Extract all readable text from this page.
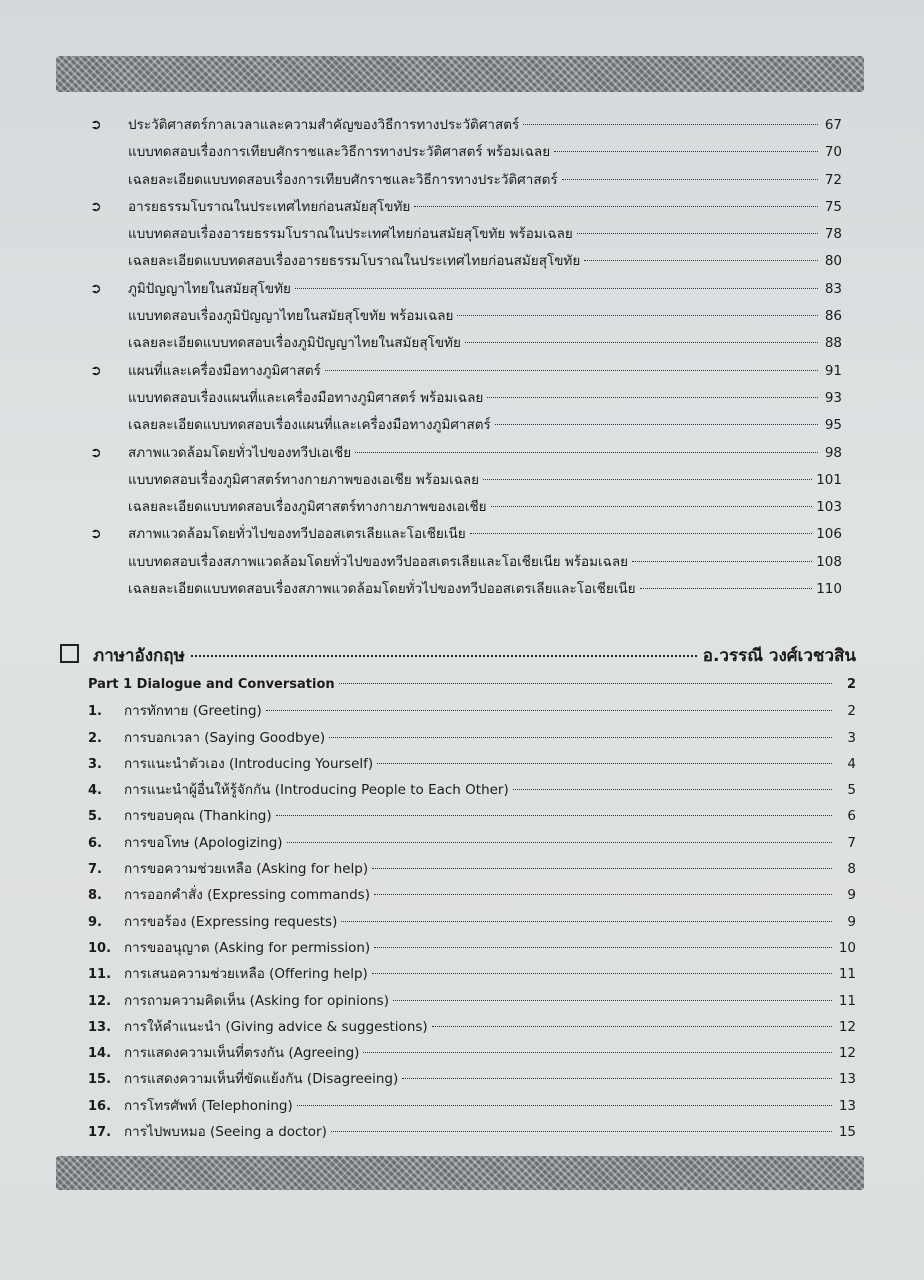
➲	ประวัติศาสตร์กาลเวลาและความสำคัญของวิธีการทางประวัติศาสตร์	67
แบบทดสอบเรื่องการเทียบศักราชและวิธีการทางประวัติศาสตร์ พร้อมเฉลย	70
เฉลยละเอียดแบบทดสอบเรื่องการเทียบศักราชและวิธีการทางประวัติศาสตร์	72
➲	อารยธรรมโบราณในประเทศไทยก่อนสมัยสุโขทัย	75
แบบทดสอบเรื่องอารยธรรมโบราณในประเทศไทยก่อนสมัยสุโขทัย พร้อมเฉลย	78
เฉลยละเอียดแบบทดสอบเรื่องอารยธรรมโบราณในประเทศไทยก่อนสมัยสุโขทัย	80
➲	ภูมิปัญญาไทยในสมัยสุโขทัย	83
แบบทดสอบเรื่องภูมิปัญญาไทยในสมัยสุโขทัย พร้อมเฉลย	86
เฉลยละเอียดแบบทดสอบเรื่องภูมิปัญญาไทยในสมัยสุโขทัย	88
➲	แผนที่และเครื่องมือทางภูมิศาสตร์	91
แบบทดสอบเรื่องแผนที่และเครื่องมือทางภูมิศาสตร์ พร้อมเฉลย	93
เฉลยละเอียดแบบทดสอบเรื่องแผนที่และเครื่องมือทางภูมิศาสตร์	95
➲	สภาพแวดล้อมโดยทั่วไปของทวีปเอเชีย	98
แบบทดสอบเรื่องภูมิศาสตร์ทางกายภาพของเอเชีย พร้อมเฉลย	101
เฉลยละเอียดแบบทดสอบเรื่องภูมิศาสตร์ทางกายภาพของเอเชีย	103
➲	สภาพแวดล้อมโดยทั่วไปของทวีปออสเตรเลียและโอเชียเนีย	106
แบบทดสอบเรื่องสภาพแวดล้อมโดยทั่วไปของทวีปออสเตรเลียและโอเชียเนีย พร้อมเฉลย	108
เฉลยละเอียดแบบทดสอบเรื่องสภาพแวดล้อมโดยทั่วไปของทวีปออสเตรเลียและโอเชียเนีย	110
ภาษาอังกฤษ	อ.วรรณี วงศ์เวชวสิน
Part 1 Dialogue and Conversation	2
1.	การทักทาย (Greeting)	2
2.	การบอกเวลา (Saying Goodbye)	3
3.	การแนะนำตัวเอง (Introducing Yourself)	4
4.	การแนะนำผู้อื่นให้รู้จักกัน (Introducing People to Each Other)	5
5.	การขอบคุณ (Thanking)	6
6.	การขอโทษ (Apologizing)	7
7.	การขอความช่วยเหลือ (Asking for help)	8
8.	การออกคำสั่ง (Expressing commands)	9
9.	การขอร้อง (Expressing requests)	9
10. การขออนุญาต (Asking for permission)	10
11. การเสนอความช่วยเหลือ (Offering help)	11
12. การถามความคิดเห็น (Asking for opinions)	11
13. การให้คำแนะนำ (Giving advice & suggestions)	12
14. การแสดงความเห็นที่ตรงกัน (Agreeing)	12
15. การแสดงความเห็นที่ขัดแย้งกัน (Disagreeing)	13
16. การโทรศัพท์ (Telephoning)	13
17. การไปพบหมอ (Seeing a doctor)	15
